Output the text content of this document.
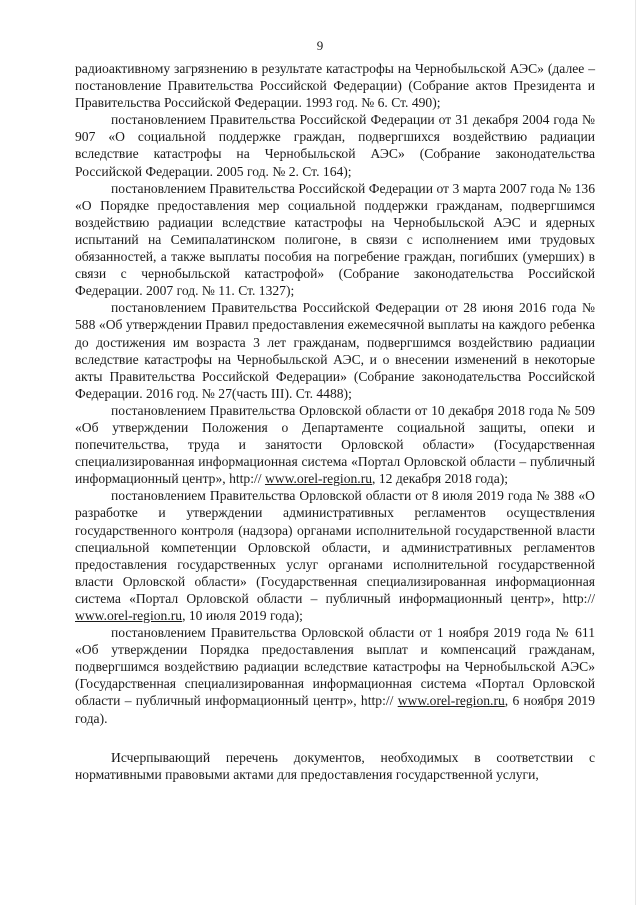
9

радиоактивному загрязнению в результате катастрофы на Чернобыльской АЭС» (далее – постановление Правительства Российской Федерации) (Собрание актов Президента и Правительства Российской Федерации. 1993 год. № 6. Ст. 490);

постановлением Правительства Российской Федерации от 31 декабря 2004 года № 907 «О социальной поддержке граждан, подвергшихся воздействию радиации вследствие катастрофы на Чернобыльской АЭС» (Собрание законодательства Российской Федерации. 2005 год. № 2. Ст. 164);

постановлением Правительства Российской Федерации от 3 марта 2007 года № 136 «О Порядке предоставления мер социальной поддержки гражданам, подвергшимся воздействию радиации вследствие катастрофы на Чернобыльской АЭС и ядерных испытаний на Семипалатинском полигоне, в связи с исполнением ими трудовых обязанностей, а также выплаты пособия на погребение граждан, погибших (умерших) в связи с чернобыльской катастрофой» (Собрание законодательства Российской Федерации. 2007 год. № 11. Ст. 1327);

постановлением Правительства Российской Федерации от 28 июня 2016 года № 588 «Об утверждении Правил предоставления ежемесячной выплаты на каждого ребенка до достижения им возраста 3 лет гражданам, подвергшимся воздействию радиации вследствие катастрофы на Чернобыльской АЭС, и о внесении изменений в некоторые акты Правительства Российской Федерации» (Собрание законодательства Российской Федерации. 2016 год. № 27(часть III). Ст. 4488);

постановлением Правительства Орловской области от 10 декабря 2018 года № 509 «Об утверждении Положения о Департаменте социальной защиты, опеки и попечительства, труда и занятости Орловской области» (Государственная специализированная информационная система «Портал Орловской области – публичный информационный центр», http:// www.orel-region.ru, 12 декабря 2018 года);

постановлением Правительства Орловской области от 8 июля 2019 года № 388 «О разработке и утверждении административных регламентов осуществления государственного контроля (надзора) органами исполнительной государственной власти специальной компетенции Орловской области, и административных регламентов предоставления государственных услуг органами исполнительной государственной власти Орловской области» (Государственная специализированная информационная система «Портал Орловской области – публичный информационный центр», http:// www.orel-region.ru, 10 июля 2019 года);

постановлением Правительства Орловской области от 1 ноября 2019 года № 611 «Об утверждении Порядка предоставления выплат и компенсаций гражданам, подвергшимся воздействию радиации вследствие катастрофы на Чернобыльской АЭС» (Государственная специализированная информационная система «Портал Орловской области – публичный информационный центр», http:// www.orel-region.ru, 6 ноября 2019 года).

Исчерпывающий перечень документов, необходимых в соответствии с нормативными правовыми актами для предоставления государственной услуги,
